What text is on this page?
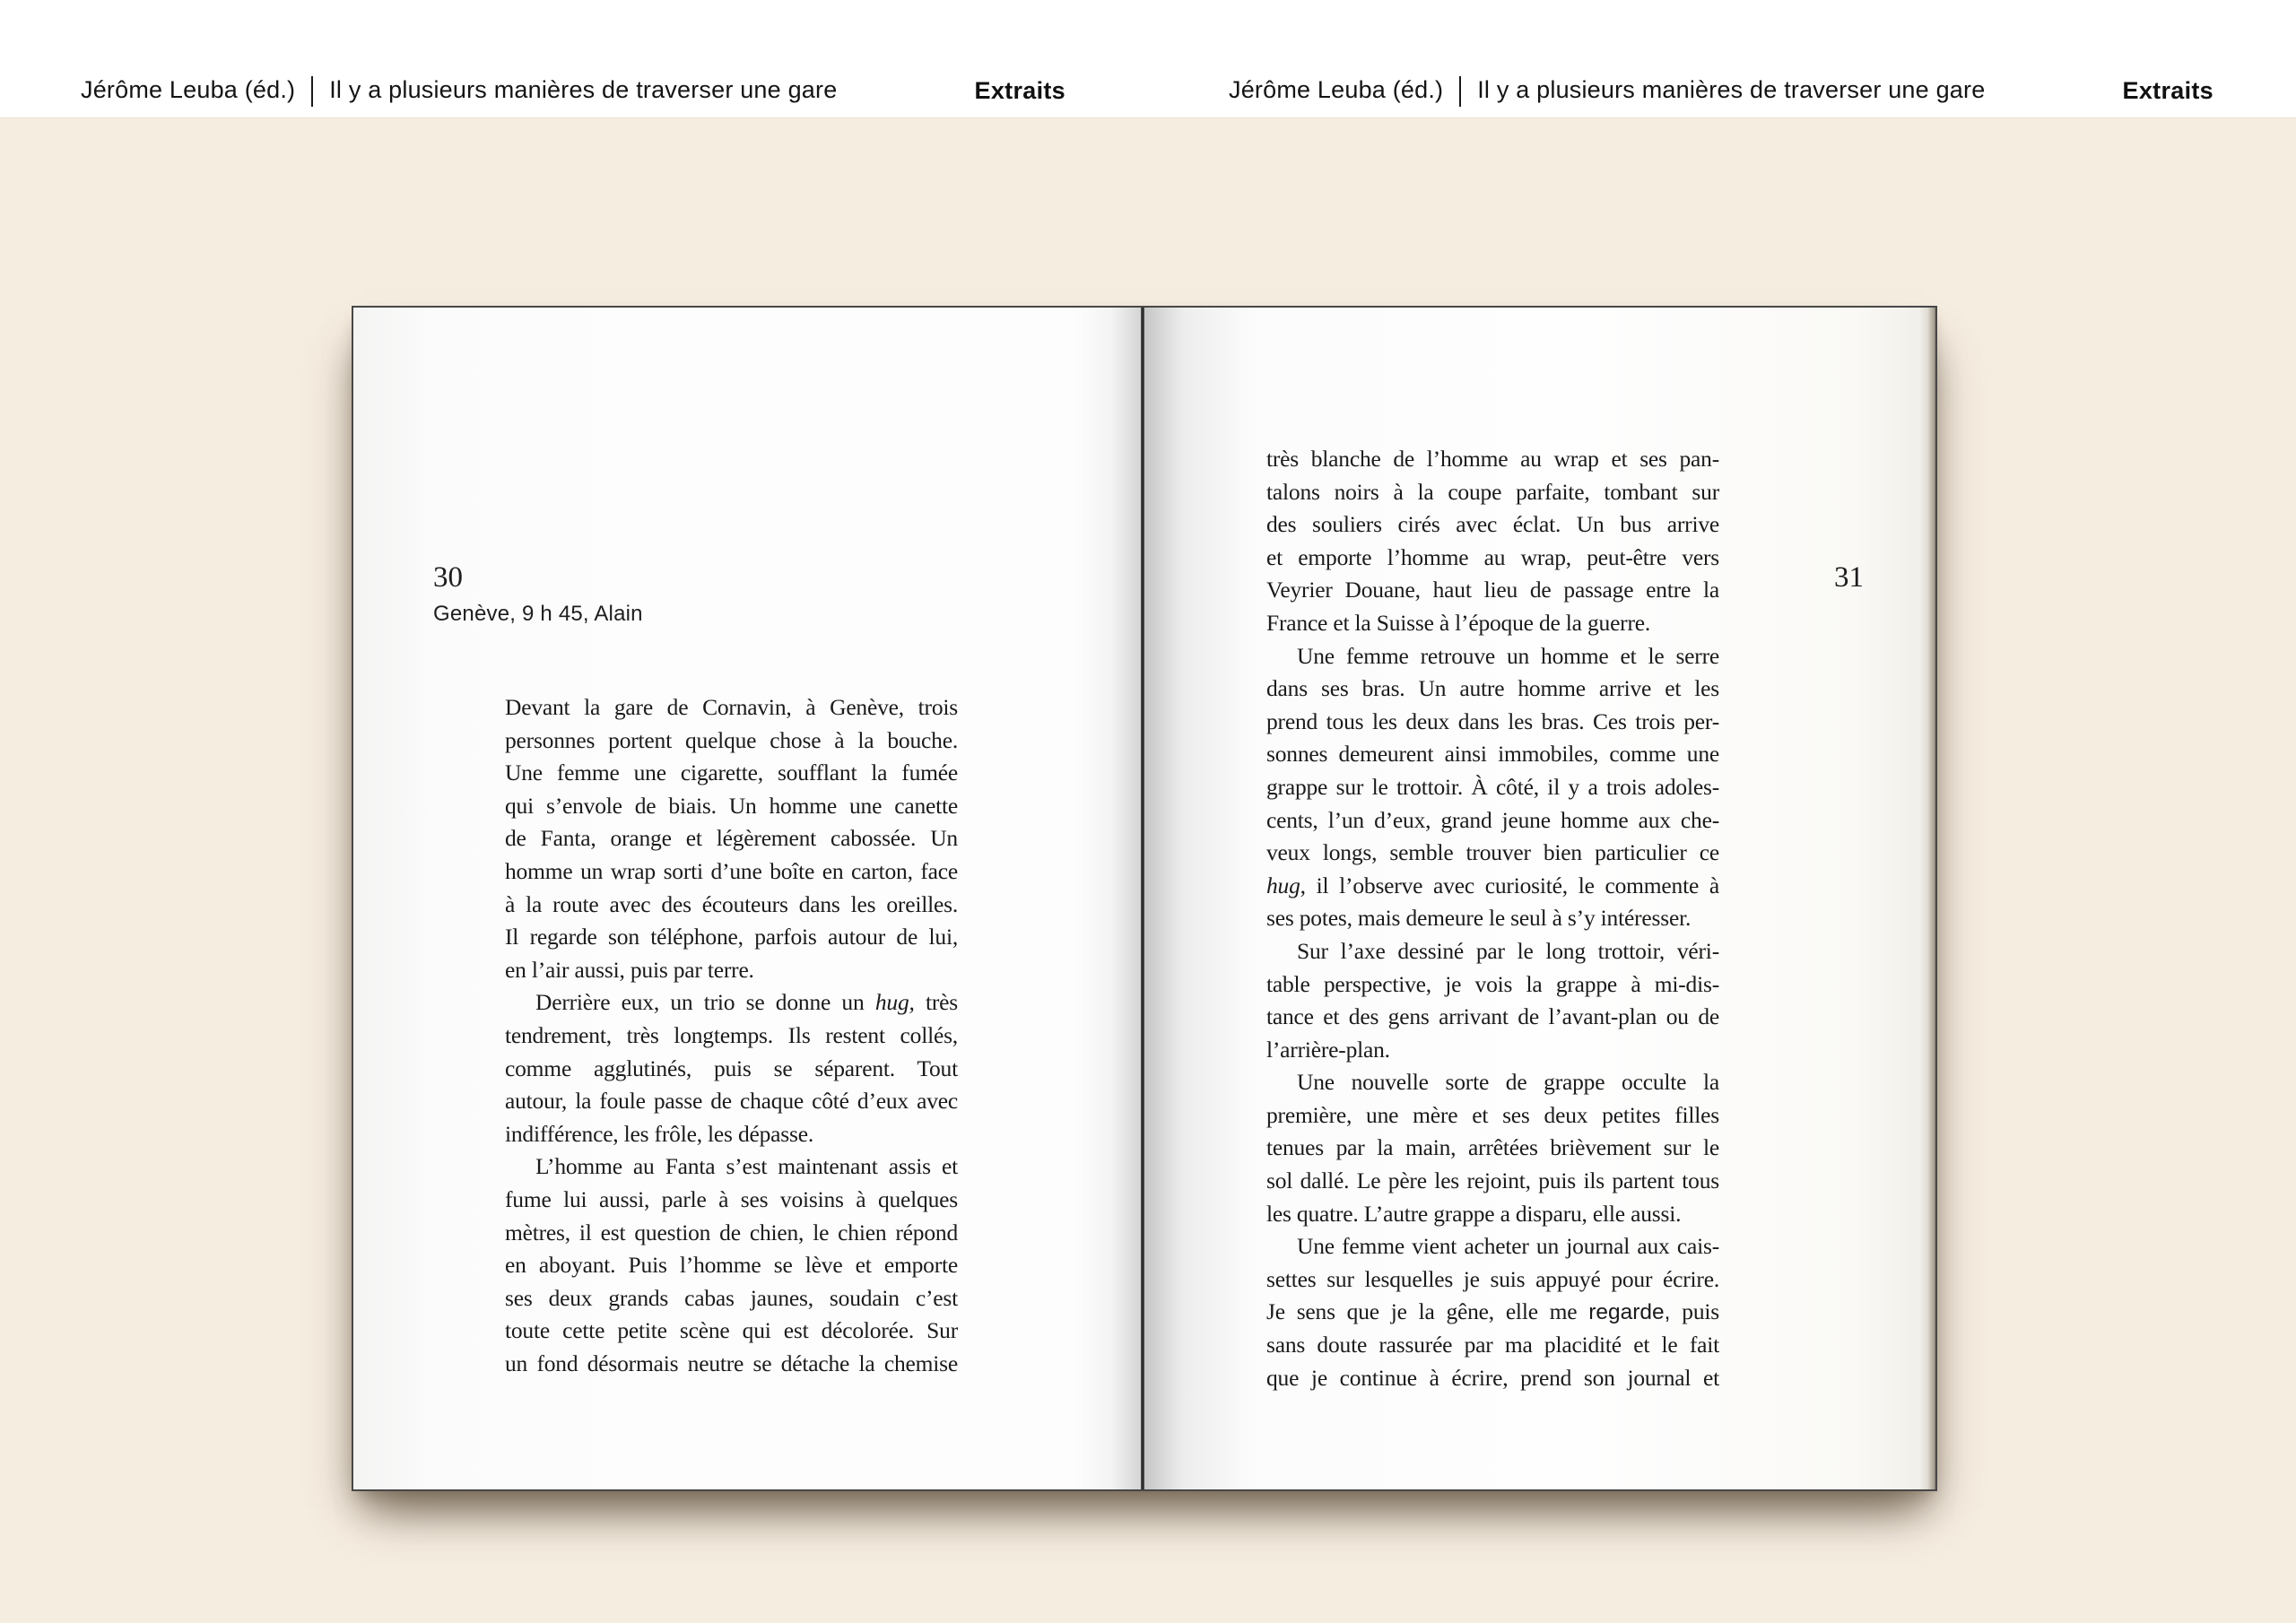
Jérôme Leuba (éd.) Il y a plusieurs manières de traverser une gare	Extraits	Jérôme Leuba (éd.) Il y a plusieurs manières de traverser une gare	Extraits
30
Genève, 9 h 45, Alain
Devant la gare de Cornavin, à Genève, trois
personnes portent quelque chose à la bouche.
Une femme une cigarette, soufflant la fumée
qui s’envole de biais. Un homme une canette
de Fanta, orange et légèrement cabossée. Un
homme un wrap sorti d’une boîte en carton, face
à la route avec des écouteurs dans les oreilles.
Il regarde son téléphone, parfois autour de lui,
en l’air aussi, puis par terre.
Derrière eux, un trio se donne un hug, très
tendrement, très longtemps. Ils restent collés,
comme agglutinés, puis se séparent. Tout
autour, la foule passe de chaque côté d’eux avec
indifférence, les frôle, les dépasse.
L’homme au Fanta s’est maintenant assis et
fume lui aussi, parle à ses voisins à quelques
mètres, il est question de chien, le chien répond
en aboyant. Puis l’homme se lève et emporte
ses deux grands cabas jaunes, soudain c’est
toute cette petite scène qui est décolorée. Sur
un fond désormais neutre se détache la chemise
31
très blanche de l’homme au wrap et ses pan-
talons noirs à la coupe parfaite, tombant sur
des souliers cirés avec éclat. Un bus arrive
et emporte l’homme au wrap, peut-être vers
Veyrier Douane, haut lieu de passage entre la
France et la Suisse à l’époque de la guerre.
Une femme retrouve un homme et le serre
dans ses bras. Un autre homme arrive et les
prend tous les deux dans les bras. Ces trois per-
sonnes demeurent ainsi immobiles, comme une
grappe sur le trottoir. À côté, il y a trois adoles-
cents, l’un d’eux, grand jeune homme aux che-
veux longs, semble trouver bien particulier ce
hug, il l’observe avec curiosité, le commente à
ses potes, mais demeure le seul à s’y intéresser.
Sur l’axe dessiné par le long trottoir, véri-
table perspective, je vois la grappe à mi-dis-
tance et des gens arrivant de l’avant-plan ou de
l’arrière-plan.
Une nouvelle sorte de grappe occulte la
première, une mère et ses deux petites filles
tenues par la main, arrêtées brièvement sur le
sol dallé. Le père les rejoint, puis ils partent tous
les quatre. L’autre grappe a disparu, elle aussi.
Une femme vient acheter un journal aux cais-
settes sur lesquelles je suis appuyé pour écrire.
Je sens que je la gêne, elle me regarde, puis
sans doute rassurée par ma placidité et le fait
que je continue à écrire, prend son journal et
